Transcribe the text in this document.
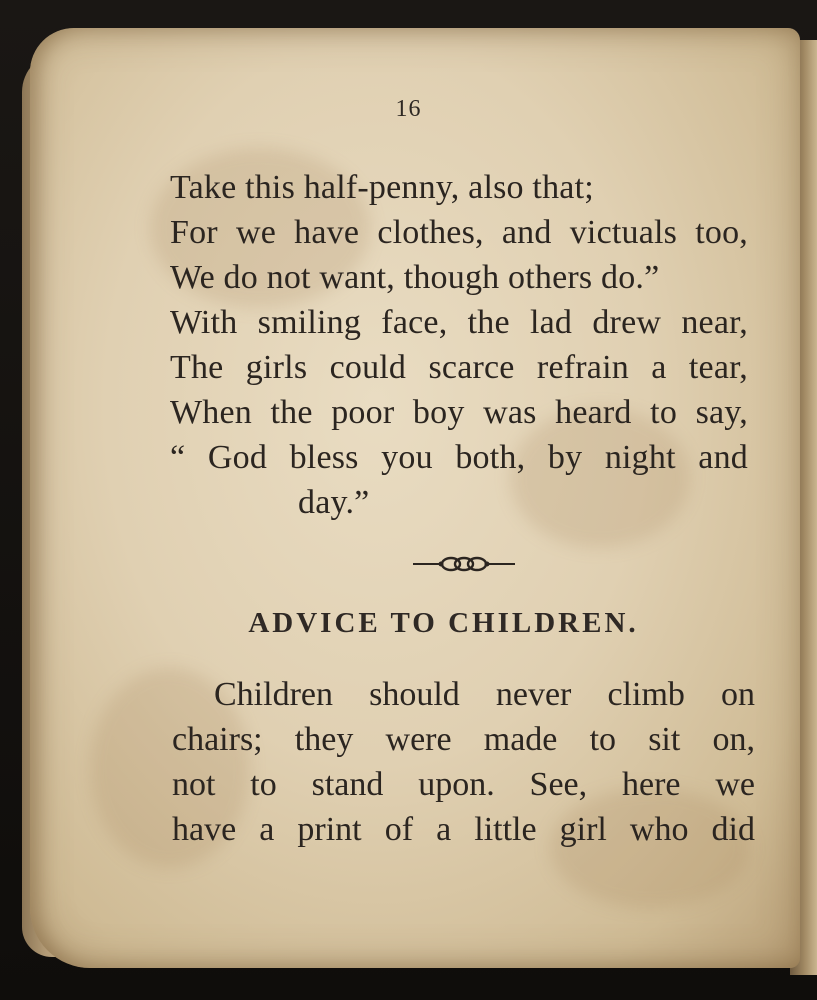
16
Take this half-penny, also that;
For we have clothes, and victuals too,
We do not want, though others do.”
With smiling face, the lad drew near,
The girls could scarce refrain a tear,
When the poor boy was heard to say,
“ God bless you both, by night and
day.”
ADVICE TO CHILDREN.
Children should never climb on
chairs; they were made to sit on,
not to stand upon. See, here we
have a print of a little girl who did
